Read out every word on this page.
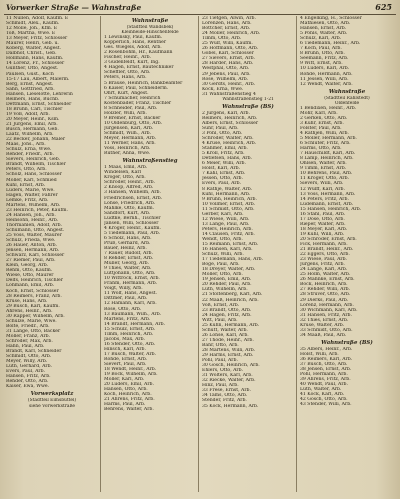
Vorwerker Straße — Wahnstraße	625
11 Nullen, Adolf, Kaufm. E
Schmidt, Alex., Kaufm.
12 Mölle, Joh., Kfm. E
Toß, Martha, Wwe. E
13 Meyer, Fritz, Schlosser
Maurer, Henri, Geb. u.
Koberg, Walter, Angest.
Dalbhof, Christ., Geb.
Hollmann, Hans, Kaufm.
14 Lorenz, Fr., Schlosser
Günther, Otto, Angest.
Paulsen, Gust., Koch
15-17 Lau, Albert, Malerm.
Berg, Ernst, Angest.
Sahn, Gottfried, Arb.
Hansen, Lieselotte, Lehrerin
Reimers, Hans, Buchb.
Dettmann, Ernst, Schneider
18 Bruhn, Carl, Tischler
19 Voß, Adolf, Arb.
20 Meyer, Heinr., Ksm.
21 Jürgens, Emil, Arb.
Busch, Hermann, Geb.
Laatz, Wilhelm, Arb.
22 Becker, Johann, Maler
Maas, Johs., Arb.
Schulz, Erna, Wwe.
Rehder, Friedr., Arb.
Sievers, Heinrich, Geb.
Brandt, Wilhelm, Tischler
Peters, Otto, Arb.
Scholz, Hans, Schlosser
Möller, Karl, Schmied
Kühl, Ernst, Arb.
Lüders, Marie, Wwe.
Hagen, Walter, Fahrer
Lemke, Fritz, Arb.
Martens, Wilhelm, Arb.
23 Heinrich, Peter, Kaufm.
24 Hansen, Joh., Arb.
Heinsohn, Heinr., Arb.
Thormählen, Adolf, Arb.
Schumann, Otto, Angest.
25 Voss, Walter, Maurer
Schulz, Frieda, Wwe.
26 Hauer, Anton, Arb.
Jensen, Hermann, Arb.
Schwarz, Karl, Schlosser
27 Riemer, Paul, Arb.
Klein, Georg, Arb.
Rehm, Otto, Kaufm.
Wiese, Otto, Maurer
Delfs, Heinrich, Tischler
Lohmann, Emil, Arb.
Koch, Ernst, Schlosser
28 Reimers, Franz, Arb.
Kruse, Hans, Arb.
29 Busch, Karl, Kaufm.
Ahrens, Heinr., Arb.
30 Rapper, Wilhelm, Arb.
Schulze, Marie, Wwe.
Bolte, Friedr., Arb.
31 Lange, Otto, Bäcker
Möller, Franz, Arb.
Schröder, Max, Arb.
Hahn, Paul, Arb.
Brandt, Karl, Schneider
Schmidt, Otto, Arb.
Meyer, Willy, Arb.
Lüth, Gerhard, Arb.
Evers, Paul, Arb.
Hansen, Fritz, Arb.
Rehder, Otto, Arb.
Kaiser, Ewa, Wwe.
Vorwerksplatz
(Stadtteil Eimsbüttel)
siehe Vorwerkstraße
Wahnstraße
(Stadtteil Wandsbek)
Kleinheide-Hinschenfelde
1 Lewinsky, Paul, Kaufm.
Kopperlich, Hans, Rentner
Ges. Wiegels, Adolf, Arb.
2 Rosenbohm, Hr., Kaufmann
Fischer, Heinr., Arb.
3 Gudenfeldt, Kurt, Ing.
4 Hagen, Ernst, Bautechniker
Scheffler, Otto, Arb.
Peters, Hans, Arb.
5 Brause, Heinrich, Bankbeamter
6 Kaiser, Paul, Schneiderm.
Ohrt, Kurt, Angest.
7 Schumacher, Heinrich
Kostenbader, Franz, Tischler
8 Schneider, Paul, Arb.
Hölzler, Willi, Arb.
9 Bremer, Ernst, Bäcker
10 Oldenburg, Otto, Arb.
Jürgensen, Karl, Arb.
Schmidt, Wilh., Arb.
Meyer, Hermann, Arb.
11 Werner, Hans, Arb.
Voss, Heinrich, Arb.
Rüther, Anna, Wwe.
Wahnstraßenstieg
1 Maas, Emil, Arb.
Windelsen, Karl
Kröger, Otto, Arb.
Schröder, Heinr., Arb.
2 Knoop, Alfred, Arb.
3 Hansen, Wilhelm, Arb.
Friedrichsen, Ernst, Arb.
Lohse, Friedrich, Arb.
Mahlke, Otto, Kaufm.
Sandfort, Kurt, Arb.
Lüdtke, Bernh., Tischler
Jansen, Willi, Schlosser
4 Kröger, Heinr., Kaufm.
5 Tiedemann, Paul, Arb.
6 Scholz, Hans, Arb.
Prüß, Gerhard, Arb.
Bauer, Heinz, Arb.
7 Rauer, Rudolf, Arb.
8 Rehder, Ernst, Arb.
Müller, Georg, Arb.
9 Thies, Walter, Arb.
Lüttjohann, Otto, Arb.
10 Wittrock, Ernst, Arb.
Frahm, Hermann, Arb.
Voigt, Willy, Arb.
11 Wolf, Hans, Angest.
Dittmer, Paul, Arb.
12 Hamann, Karl, Arb.
Rose, Otto, Arb.
13 Baumann, Wilh., Arb.
Martens, Fritz, Arb.
14 Brandt, Hermann, Arb.
15 Schulz, Ernst, Arb.
Timm, Heinrich, Arb.
Jacobs, Max, Arb.
16 Stender, Otto, Arb.
Hinsch, Karl, Arb.
17 Busch, Walter, Arb.
Rohde, Ernst, Arb.
Sievert, Paul, Arb.
18 Wendt, Heinr., Arb.
19 Bock, Wilhelm, Arb.
Möller, Karl, Arb.
20 Lüders, Emil, Arb.
Hansen, Otto, Arb.
Koch, Heinrich, Arb.
21 Ahrens, Fritz, Arb.
Harms, Paul, Arb.
Behrens, Walter, Arb.
23 Tietgen, Alwin, Arb.
Lorenzen, Hans, Arb.
Böttcher, Ernst, Arb.
24 Möller, Heinrich, Arb.
Timm, Otto, Arb.
25 Wulf, Willi, Kaufm.
26 Hoffmann, Otto, Arb.
Göbel, Karl, Schlosser
27 Sievers, Ernst, Arb.
28 Harder, Hans, Arb.
Westphal, Otto, Arb.
29 Jebens, Paul, Arb.
Rose, Wilhelm, Arb.
30 Gerdts, Heinr., Arb.
Kock, Erna, Wwe.
31 Wahnstraßenstieg 4
Wahnstraßenstieg 1-21
Wahnstraße (BS)
2 Jürgens, Karl, Arb.
Reimers, Heinrich, Arb.
Albers, Ernst, Schlosser
Suhr, Paul, Arb.
3 Pohl, Otto, Arb.
Schröder, Walter, Arb.
4 Kruse, Heinrich, Arb.
Stahmer, Emil, Arb.
5 Kroll, Fritz, Arb.
Detlefsen, Hans, Arb.
6 Meier, Willi, Arb.
Holst, Karl, Arb.
7 Kahl, Ernst, Arb.
Jessen, Otto, Arb.
Evers, Paul, Arb.
8 Rathje, Walter, Arb.
Kühl, Hermann, Arb.
9 Bruhn, Heinrich, Arb.
10 Vollmer, Ernst, Arb.
11 Schmidt, Otto, Arb.
Gerber, Karl, Arb.
12 Wiese, Willi, Arb.
13 Lange, Paul, Arb.
Peters, Heinrich, Arb.
14 Clausen, Fritz, Arb.
Wendt, Otto, Arb.
15 Reimann, Ernst, Arb.
16 Hansen, Karl, Arb.
Schulz, Willi, Arb.
17 Tiedemann, Hans, Arb.
Böge, Paul, Arb.
18 Dreyer, Walter, Arb.
Möller, Otto, Arb.
19 Jensen, Emil, Arb.
20 Rehder, Paul, Arb.
Lüth, Wilhelm, Arb.
21 Stoltenberg, Karl, Arb.
22 Maaß, Heinrich, Arb.
Voß, Ernst, Arb.
23 Brandt, Otto, Arb.
24 Hagen, Fritz, Arb.
Witt, Paul, Arb.
25 Kühn, Hermann, Arb.
Schütt, Walter, Arb.
26 Lohse, Karl, Arb.
27 Thode, Heinr., Arb.
Bahr, Otto, Arb.
28 Martens, Willi, Arb.
29 Harms, Ernst, Arb.
Pohl, Paul, Arb.
30 Gosch, Heinrich, Arb.
Ehlers, Otto, Arb.
31 Wolters, Karl, Arb.
32 Riecke, Walter, Arb.
Hinz, Paul, Arb.
33 Frese, Ernst, Arb.
34 Tams, Otto, Arb.
Stender, Fritz, Arb.
35 Kock, Hermann, Arb.
4 Engelking, H., Schlosser
Mathiesen, Otto, Arb.
Hansen, Ernst, Arb.
5 Pöhls, Walter, Arb.
Schulz, Karl, Arb.
6 Tiedemann, Heinr., Arb.
7 Koch, Paul, Arb.
8 Bruhn, Otto, Arb.
Seemann, Fritz, Arb.
9 Witt, Ernst, Arb.
10 Lüders, Karl, Arb.
Rohde, Hermann, Arb.
11 Jessen, Willi, Arb.
12 Wendt, Walter, Arb.
Wahnstraße
(Stadtteil Rahlstedt)
Oldenfelde
1 Bendixen, Heinr., Arb.
Mohr, Karl, Arb.
2 Gerken, Otto, Arb.
3 Kuhr, Ernst, Arb.
Fölster, Paul, Arb.
4 Rathjen, Willi, Arb.
5 Möller, Hermann, Arb.
6 Schlüter, Fritz, Arb.
Harms, Otto, Arb.
7 Hauschildt, Karl, Arb.
8 Lamp, Heinrich, Arb.
Ohlsen, Walter, Arb.
9 Timm, Ernst, Arb.
10 Behrens, Paul, Arb.
11 Kröger, Otto, Arb.
Sievers, Willi, Arb.
12 Wulff, Karl, Arb.
13 Voss, Hermann, Arb.
14 Peters, Fritz, Arb.
Lüdemann, Ernst, Arb.
15 Hansen, Heinrich, Arb.
16 Stahl, Paul, Arb.
17 Dose, Otto, Arb.
Rieper, Walter, Arb.
18 Meyer, Karl, Arb.
19 Kühl, Willi, Arb.
20 Schröder, Ernst, Arb.
Fick, Hermann, Arb.
21 Brandt, Heinr., Arb.
22 Eggers, Otto, Arb.
23 Wiese, Paul, Arb.
Jürgens, Fritz, Arb.
24 Lange, Karl, Arb.
25 Holm, Walter, Arb.
26 Mahnke, Ernst, Arb.
Bock, Heinrich, Arb.
27 Rehder, Willi, Arb.
28 Strüver, Otto, Arb.
29 Dierks, Paul, Arb.
Lorenz, Hermann, Arb.
30 Wichmann, Karl, Arb.
31 Hansen, Fritz, Arb.
32 Thies, Ernst, Arb.
Kruse, Walter, Arb.
33 Schmidt, Otto, Arb.
34 Maaß, Paul, Arb.
Wahnstraße (BS)
35 Albers, Heinr., Arb.
Holst, Willi, Arb.
36 Reimers, Karl, Arb.
37 Busch, Otto, Arb.
38 Jensen, Ernst, Arb.
Pohl, Hermann, Arb.
39 Ahrens, Fritz, Arb.
40 Wendt, Paul, Arb.
Lüth, Walter, Arb.
41 Kock, Karl, Arb.
42 Gosch, Otto, Arb.
43 Stender, Willi, Arb.
